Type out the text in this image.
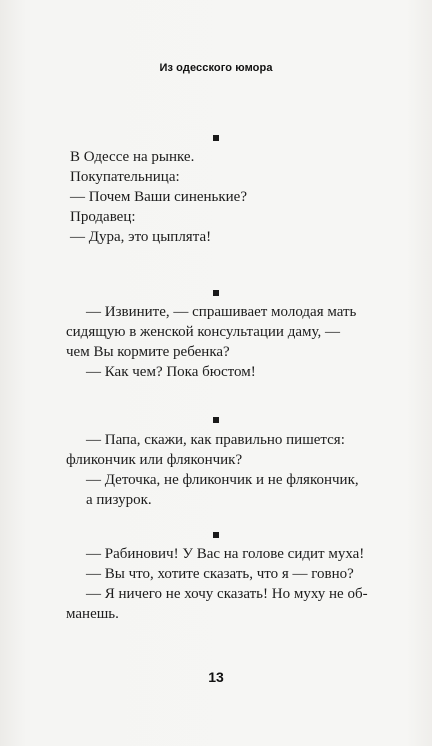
Из одесского юмора
В Одессе на рынке.
Покупательница:
— Почем Ваши синенькие?
Продавец:
— Дура, это цыплята!
— Извините, — спрашивает молодая мать
сидящую в женской консультации даму, —
чем Вы кормите ребенка?
— Как чем? Пока бюстом!
— Папа, скажи, как правильно пишется:
фликончик или флякончик?
— Деточка, не фликончик и не флякончик,
а пизурок.
— Рабинович! У Вас на голове сидит муха!
— Вы что, хотите сказать, что я — говно?
— Я ничего не хочу сказать! Но муху не об-
манешь.
13
